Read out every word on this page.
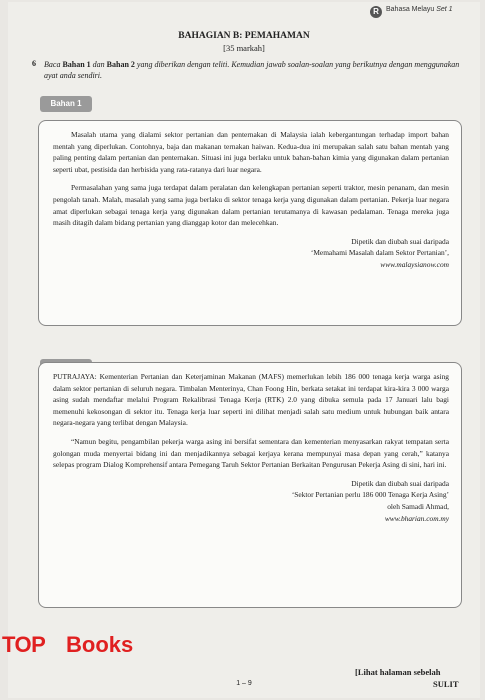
R	Bahasa Melayu Set 1
BAHAGIAN B: PEMAHAMAN
[35 markah]
6 Baca Bahan 1 dan Bahan 2 yang diberikan dengan teliti. Kemudian jawab soalan-soalan yang berikutnya dengan menggunakan ayat anda sendiri.
Bahan 1

Masalah utama yang dialami sektor pertanian dan penternakan di Malaysia ialah kebergantungan terhadap import bahan mentah yang diperlukan. Contohnya, baja dan makanan ternakan haiwan. Kedua-dua ini merupakan salah satu bahan mentah yang paling penting dalam pertanian dan penternakan. Situasi ini juga berlaku untuk bahan-bahan kimia yang digunakan dalam pertanian seperti ubat, pestisida dan herbisida yang rata-ratanya dari luar negara.

Permasalahan yang sama juga terdapat dalam peralatan dan kelengkapan pertanian seperti traktor, mesin penanam, dan mesin pengolah tanah. Malah, masalah yang sama juga berlaku di sektor tenaga kerja yang digunakan dalam pertanian. Pekerja luar negara amat diperlukan sebagai tenaga kerja yang digunakan dalam pertanian terutamanya di kawasan pedalaman. Tenaga mereka juga masih ditagih dalam bidang pertanian yang dianggap kotor dan melecehkan.

Dipetik dan diubah suai daripada
‘Memahami Masalah dalam Sektor Pertanian’,
www.malaysianow.com

PUTRAJAYA: Kementerian Pertanian dan Keterjaminan Makanan (MAFS) memerlukan lebih 186 000 tenaga kerja warga asing dalam sektor pertanian di seluruh negara. Timbalan Menterinya, Chan Foong Hin, berkata setakat ini terdapat kira-kira 3 000 warga asing sudah mendaftar melalui Program Rekalibrasi Tenaga Kerja (RTK) 2.0 yang dibuka semula pada 17 Januari lalu bagi memenuhi kekosongan di sektor itu. Tenaga kerja luar seperti ini dilihat menjadi salah satu medium untuk hubungan baik antara negara-negara yang terlibat dengan Malaysia.

“Namun begitu, pengambilan pekerja warga asing ini bersifat sementara dan kementerian menyasarkan rakyat tempatan serta golongan muda menyertai bidang ini dan menjadikannya sebagai kerjaya kerana mempunyai masa depan yang cerah,” katanya selepas program Dialog Komprehensif antara Pemegang Taruh Sektor Pertanian Berkaitan Pengurusan Pekerja Asing di sini, hari ini.

Dipetik dan diubah suai daripada
‘Sektor Pertanian perlu 186 000 Tenaga Kerja Asing’
oleh Samadi Ahmad,
www.bharian.com.my
1 – 9
[Lihat halaman sebelah
SULIT
TOP Books
